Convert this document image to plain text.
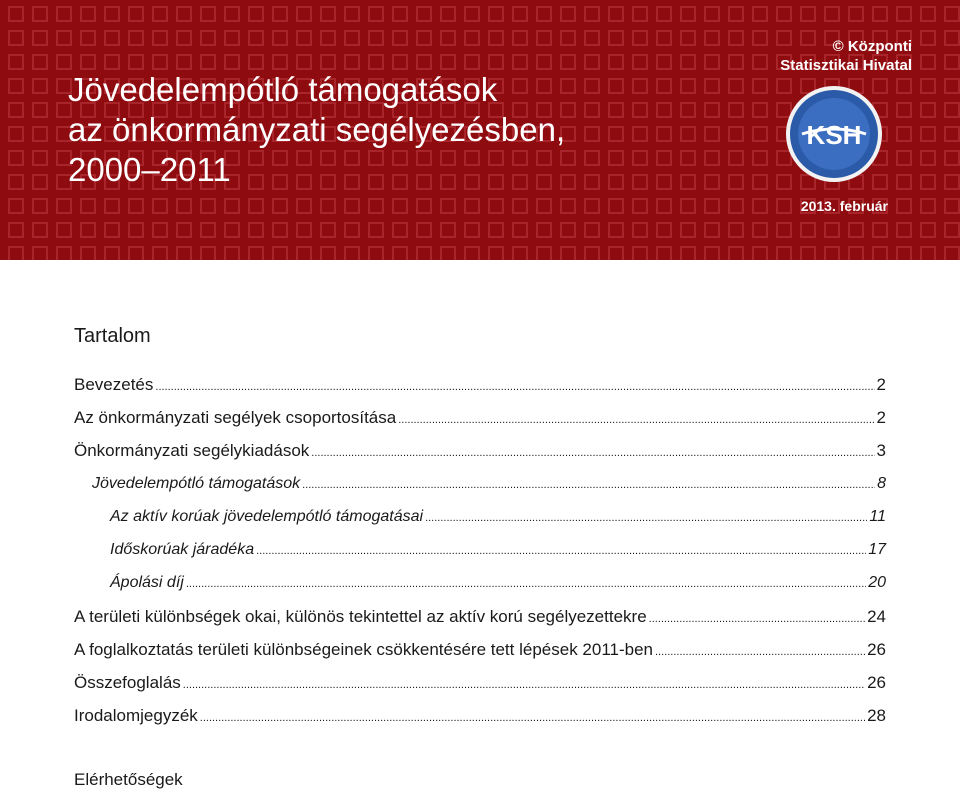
Jövedelempótló támogatások
az önkormányzati segélyezésben,
2000–2011
© Központi
Statisztikai Hivatal
KSH
2013. február
Tartalom
Bevezetés .....	2
Az önkormányzati segélyek csoportosítása .....	2
Önkormányzati segélykiadások .....	3
Jövedelempótló támogatások .....	8
Az aktív korúak jövedelempótló támogatásai .....	11
Időskorúak járadéka .....	17
Ápolási díj .....	20
A területi különbségek okai, különös tekintettel az aktív korú segélyezettekre .....	24
A foglalkoztatás területi különbségeinek csökkentésére tett lépések 2011-ben .....	26
Összefoglalás .....	26
Irodalomjegyzék .....	28
Elérhetőségek
